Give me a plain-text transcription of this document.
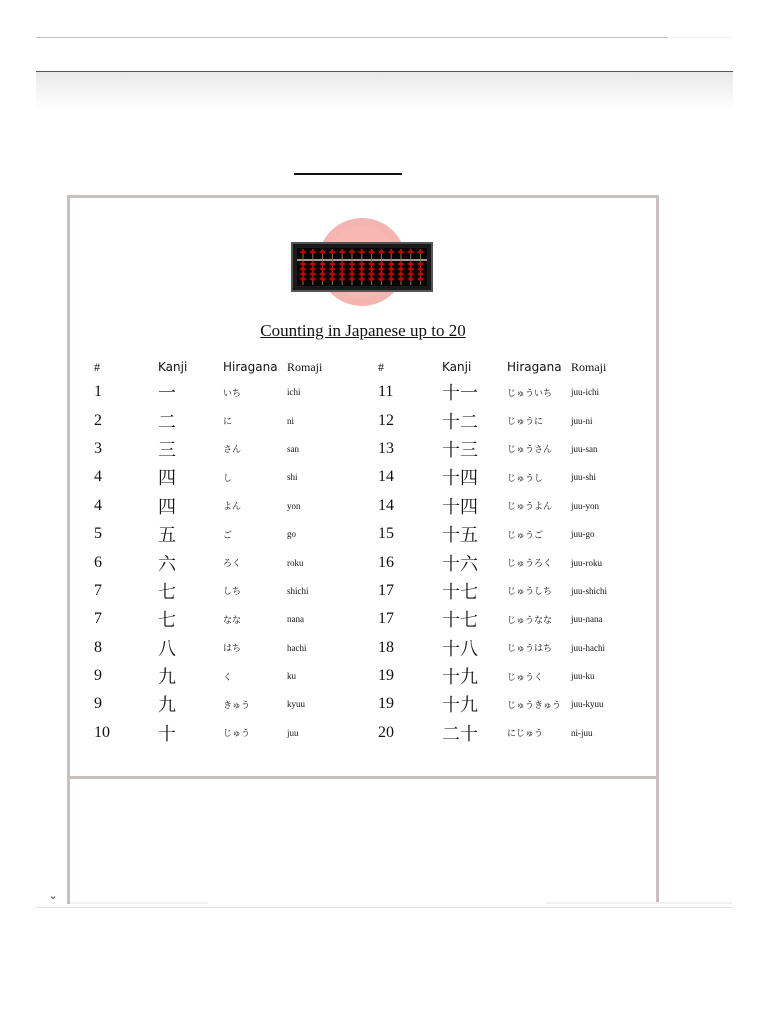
Counting in Japanese up to 20
#	Kanji	Hiragana	Romaji	#	Kanji	Hiragana	Romaji
1	一	いち	ichi	11	十一	じゅういち	juu-ichi
2	二	に	ni	12	十二	じゅうに	juu-ni
3	三	さん	san	13	十三	じゅうさん	juu-san
4	四	し	shi	14	十四	じゅうし	juu-shi
4	四	よん	yon	14	十四	じゅうよん	juu-yon
5	五	ご	go	15	十五	じゅうご	juu-go
6	六	ろく	roku	16	十六	じゅうろく	juu-roku
7	七	しち	shichi	17	十七	じゅうしち	juu-shichi
7	七	なな	nana	17	十七	じゅうなな	juu-nana
8	八	はち	hachi	18	十八	じゅうはち	juu-hachi
9	九	く	ku	19	十九	じゅうく	juu-ku
9	九	きゅう	kyuu	19	十九	じゅうきゅう	juu-kyuu
10	十	じゅう	juu	20	二十	にじゅう	ni-juu
⌄
